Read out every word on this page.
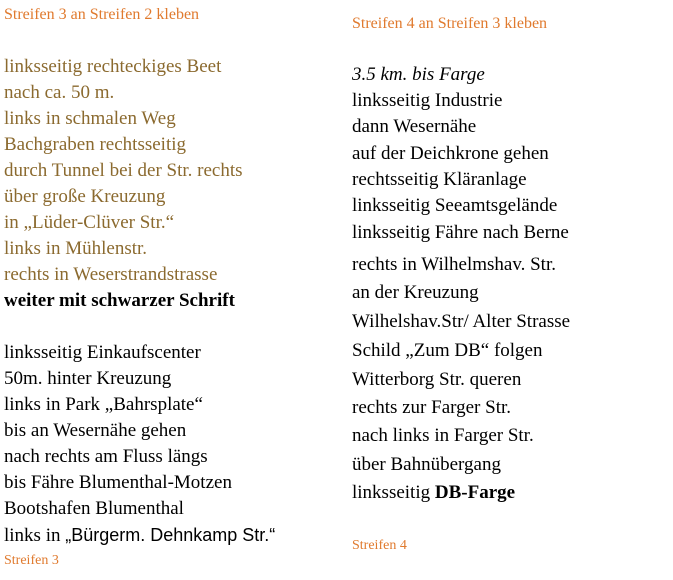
Streifen 3 an Streifen 2 kleben
linksseitig rechteckiges Beet
nach ca. 50 m.
links in schmalen Weg
Bachgraben rechtsseitig
durch Tunnel bei der Str. rechts
über große Kreuzung
in „Lüder-Clüver Str.“
links in Mühlenstr.
rechts in Weserstrandstrasse
weiter mit schwarzer Schrift
linksseitig Einkaufscenter
50m. hinter Kreuzung
links in Park „Bahrsplate“
bis an Wesernähe gehen
nach rechts am Fluss längs
bis Fähre Blumenthal-Motzen
Bootshafen Blumenthal
links in „Bürgerm. Dehnkamp Str.“
Streifen 3
Streifen 4 an Streifen 3 kleben
3.5 km. bis Farge
linksseitig Industrie
dann Wesernähe
auf der Deichkrone gehen
rechtsseitig Kläranlage
linksseitig Seeamtsgelände
linksseitig Fähre nach Berne
rechts in Wilhelmshav. Str.
an der Kreuzung
Wilhelshav.Str/ Alter Strasse
Schild „Zum DB“ folgen
Witterborg Str. queren
rechts zur Farger Str.
nach links in Farger Str.
über Bahnübergang
linksseitig DB-Farge
Streifen 4
